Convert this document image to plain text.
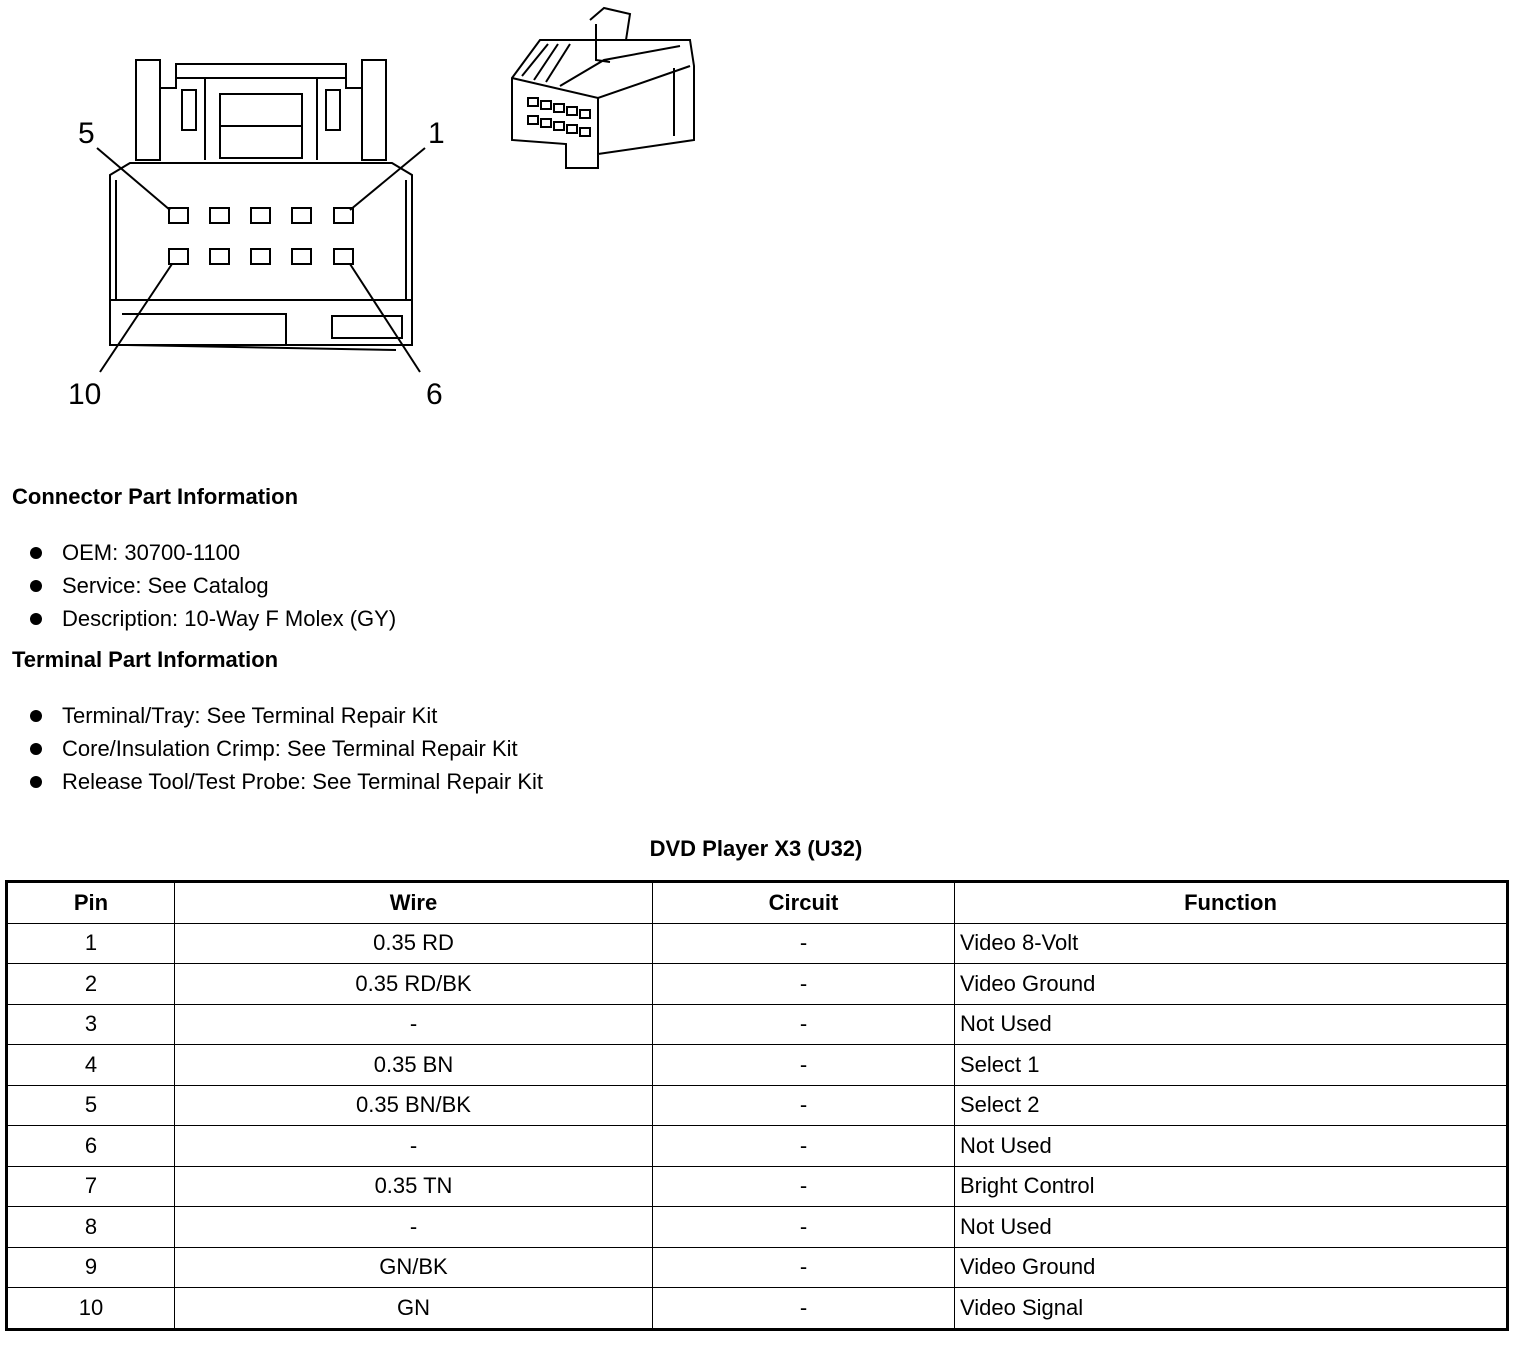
5	1
10	6
Connector Part Information
OEM: 30700-1100
Service: See Catalog
Description: 10-Way F Molex (GY)
Terminal Part Information
Terminal/Tray: See Terminal Repair Kit
Core/Insulation Crimp: See Terminal Repair Kit
Release Tool/Test Probe: See Terminal Repair Kit
DVD Player X3 (U32)
Pin	Wire	Circuit	Function
1	0.35 RD	-	Video 8-Volt
2	0.35 RD/BK	-	Video Ground
3	-	-	Not Used
4	0.35 BN	-	Select 1
5	0.35 BN/BK	-	Select 2
6	-	-	Not Used
7	0.35 TN	-	Bright Control
8	-	-	Not Used
9	GN/BK	-	Video Ground
10	GN	-	Video Signal
